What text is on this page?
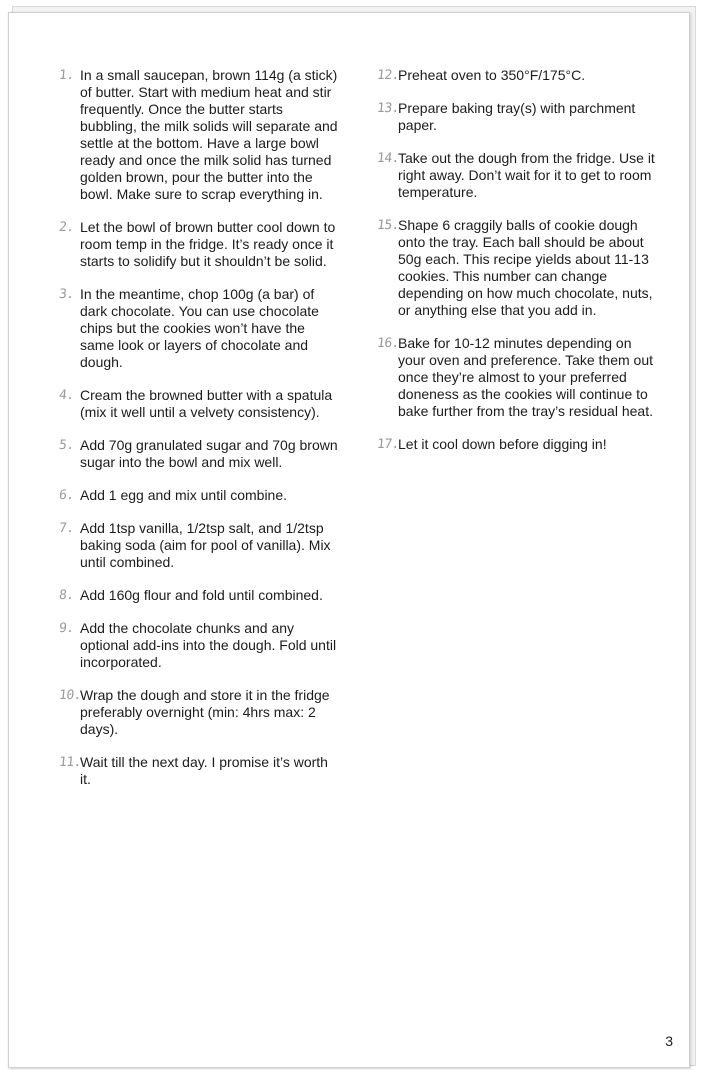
1. In a small saucepan, brown 114g (a stick) of butter. Start with medium heat and stir frequently. Once the butter starts bubbling, the milk solids will separate and settle at the bottom. Have a large bowl ready and once the milk solid has turned golden brown, pour the butter into the bowl. Make sure to scrap everything in.
2. Let the bowl of brown butter cool down to room temp in the fridge. It’s ready once it starts to solidify but it shouldn’t be solid.
3. In the meantime, chop 100g (a bar) of dark chocolate. You can use chocolate chips but the cookies won’t have the same look or layers of chocolate and dough.
4. Cream the browned butter with a spatula (mix it well until a velvety consistency).
5. Add 70g granulated sugar and 70g brown sugar into the bowl and mix well.
6. Add 1 egg and mix until combine.
7. Add 1tsp vanilla, 1/2tsp salt, and 1/2tsp baking soda (aim for pool of vanilla). Mix until combined.
8. Add 160g flour and fold until combined.
9. Add the chocolate chunks and any optional add-ins into the dough. Fold until incorporated.
10.
Wrap the dough and store it in the fridge preferably overnight (min: 4hrs max: 2 days).
11.
Wait till the next day. I promise it’s worth it.
12.
Preheat oven to 350°F/175°C.
13.
Prepare baking tray(s) with parchment paper.
14.
Take out the dough from the fridge. Use it right away. Don’t wait for it to get to room temperature.
15.
Shape 6 craggily balls of cookie dough onto the tray. Each ball should be about 50g each. This recipe yields about 11-13 cookies. This number can change depending on how much chocolate, nuts, or anything else that you add in.
16.
Bake for 10-12 minutes depending on your oven and preference. Take them out once they’re almost to your preferred doneness as the cookies will continue to bake further from the tray’s residual heat.
17.
Let it cool down before digging in!
3
